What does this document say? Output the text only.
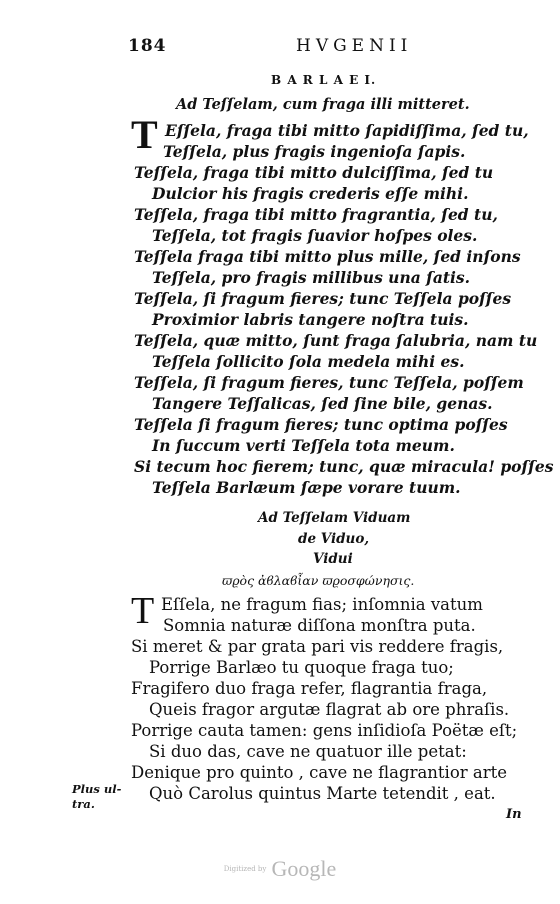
184	HVGENII
B A R L A E I.
Ad Teſſelam, cum fraga illi mitteret.
T Eſſela, fraga tibi mitto ſapidiſſima, ſed tu,
Teſſela, plus fragis ingenioſa ſapis.
Teſſela, fraga tibi mitto dulciſſima, ſed tu
Dulcior his fragis crederis eſſe mihi.
Teſſela, fraga tibi mitto fragrantia, ſed tu,
Teſſela, tot fragis ſuavior hoſpes oles.
Teſſela fraga tibi mitto plus mille, ſed inſons
Teſſela, pro fragis millibus una ſatis.
Teſſela, ſi fragum fieres; tunc Teſſela poſſes
Proximior labris tangere noſtra tuis.
Teſſela, quæ mitto, ſunt fraga ſalubria, nam tu
Teſſela ſollicito ſola medela mihi es.
Teſſela, ſi fragum fieres, tunc Teſſela, poſſem
Tangere Teſſalicas, ſed ſine bile, genas.
Teſſela ſi fragum fieres; tunc optima poſſes
In ſuccum verti Teſſela tota meum.
Si tecum hoc fierem; tunc, quæ miracula! poſſes
Teſſela Barlæum ſæpe vorare tuum.
Ad Teſſelam Viduam
de Viduo,
Vidui
ϖϱὸς ἀϐλαϐἶαν ϖϱοσφώνησις.
T Eſſela, ne fragum fias; inſomnia vatum
Somnia naturæ diſſona monſtra puta.
Si meret & par grata pari vis reddere fragis,
Porrige Barlæo tu quoque fraga tuo;
Fragifero duo fraga refer, flagrantia fraga,
Queis fragor argutæ flagrat ab ore phraſis.
Porrige cauta tamen: gens inſidioſa Poëtæ eſt;
Si duo das, cave ne quatuor ille petat:
Denique pro quinto , cave ne flagrantior arte
Quò Carolus quintus Marte tetendit , eat.
Plus ul-
tra.
In
Digitized by Google
